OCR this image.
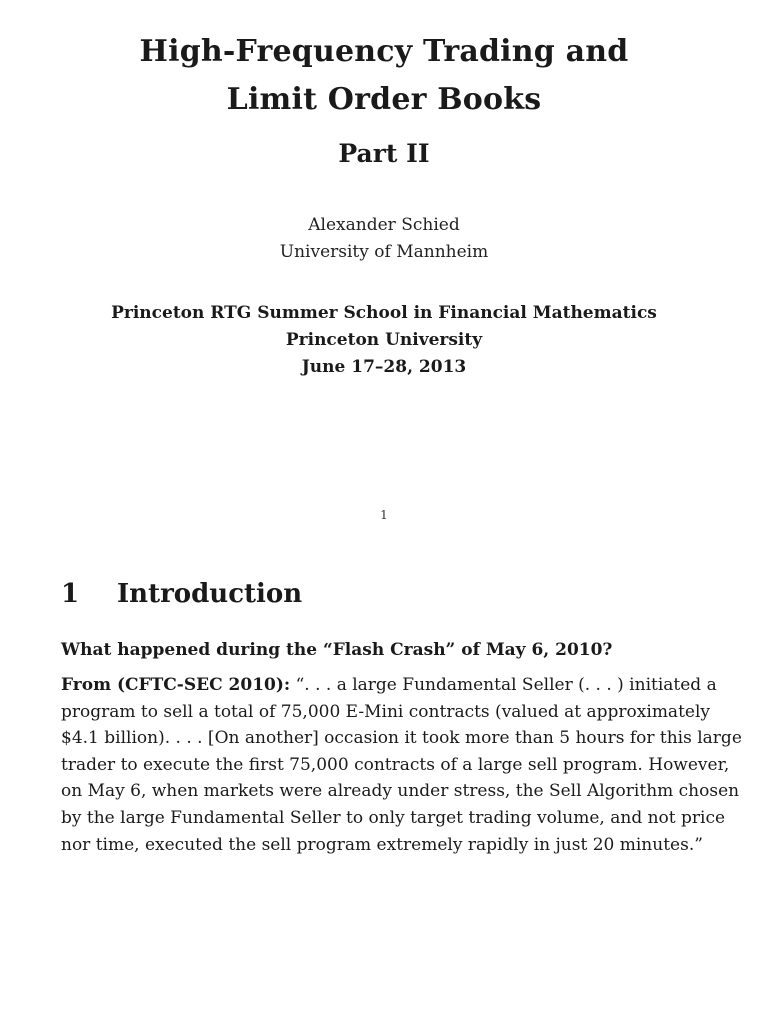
High-Frequency Trading and
Limit Order Books
Part II
Alexander Schied
University of Mannheim
Princeton RTG Summer School in Financial Mathematics
Princeton University
June 17–28, 2013
1
1 Introduction
What happened during the “Flash Crash” of May 6, 2010?
From (CFTC-SEC 2010): “. . . a large Fundamental Seller (. . . ) initiated a
program to sell a total of 75,000 E-Mini contracts (valued at approximately
$4.1 billion). . . . [On another] occasion it took more than 5 hours for this large
trader to execute the first 75,000 contracts of a large sell program. However,
on May 6, when markets were already under stress, the Sell Algorithm chosen
by the large Fundamental Seller to only target trading volume, and not price
nor time, executed the sell program extremely rapidly in just 20 minutes.”
